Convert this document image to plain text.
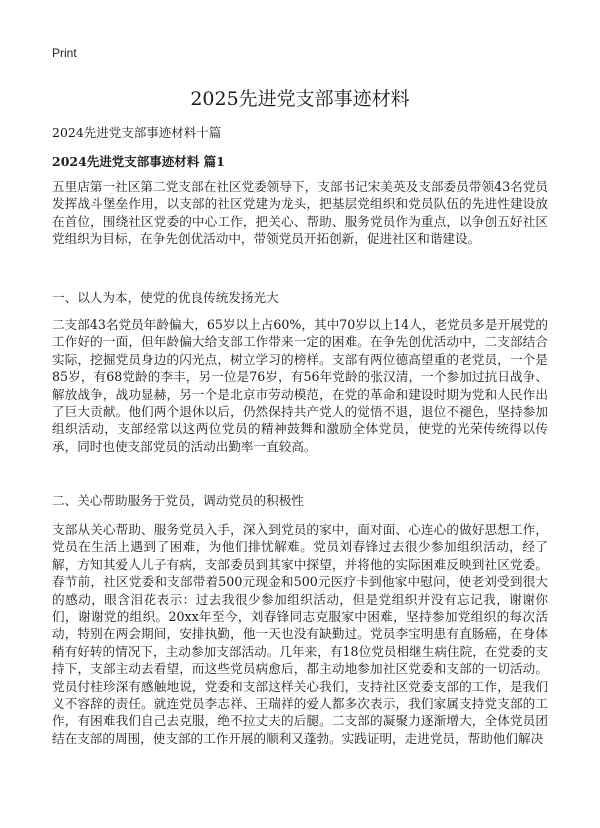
Print
2025先进党支部事迹材料

2024先进党支部事迹材料十篇

2024先进党支部事迹材料 篇1

五里店第一社区第二党支部在社区党委领导下，支部书记宋美英及支部委员带领43名党员发挥战斗堡垒作用，以支部的社区党建为龙头，把基层党组织和党员队伍的先进性建设放在首位，围绕社区党委的中心工作，把关心、帮助、服务党员作为重点，以争创五好社区党组织为目标，在争先创优活动中，带领党员开拓创新，促进社区和谐建设。

一、以人为本，使党的优良传统发扬光大

二支部43名党员年龄偏大，65岁以上占60%，其中70岁以上14人，老党员多是开展党的工作好的一面，但年龄偏大给支部工作带来一定的困难。在争先创优活动中，二支部结合实际，挖掘党员身边的闪光点，树立学习的榜样。支部有两位德高望重的老党员，一个是85岁，有68党龄的李丰，另一位是76岁，有56年党龄的张汉清，一个参加过抗日战争、解放战争，战功显赫，另一个是北京市劳动模范，在党的革命和建设时期为党和人民作出了巨大贡献。他们两个退休以后，仍然保持共产党人的觉悟不退，退位不褪色，坚持参加组织活动，支部经常以这两位党员的精神鼓舞和激励全体党员，使党的光荣传统得以传承，同时也使支部党员的活动出勤率一直较高。

二、关心帮助服务于党员，调动党员的积极性

支部从关心帮助、服务党员入手，深入到党员的家中，面对面、心连心的做好思想工作，党员在生活上遇到了困难，为他们排忧解难。党员刘春锋过去很少参加组织活动，经了解，方知其爱人儿子有病，支部委员到其家中探望，并将他的实际困难反映到社区党委。春节前，社区党委和支部带着500元现金和500元医疗卡到他家中慰问，使老刘受到很大的感动，眼含泪花表示：过去我很少参加组织活动，但是党组织并没有忘记我，谢谢你们，谢谢党的组织。20xx年至今，刘春锋同志克服家中困难，坚持参加党组织的每次活动，特别在两会期间，安排执勤，他一天也没有缺勤过。党员李宝明患有直肠癌，在身体稍有好转的情况下，主动参加支部活动。几年来，有18位党员相继生病住院，在党委的支持下，支部主动去看望，而这些党员病愈后，都主动地参加社区党委和支部的一切活动。党员付桂珍深有感触地说，党委和支部这样关心我们，支持社区党委支部的工作，是我们义不容辞的责任。就连党员李志祥、王瑞祥的爱人都多次表示，我们家属支持党支部的工作，有困难我们自己去克服，绝不拉丈夫的后腿。二支部的凝聚力逐渐增大，全体党员团结在支部的周围，使支部的工作开展的顺利又蓬勃。实践证明，走进党员，帮助他们解决
